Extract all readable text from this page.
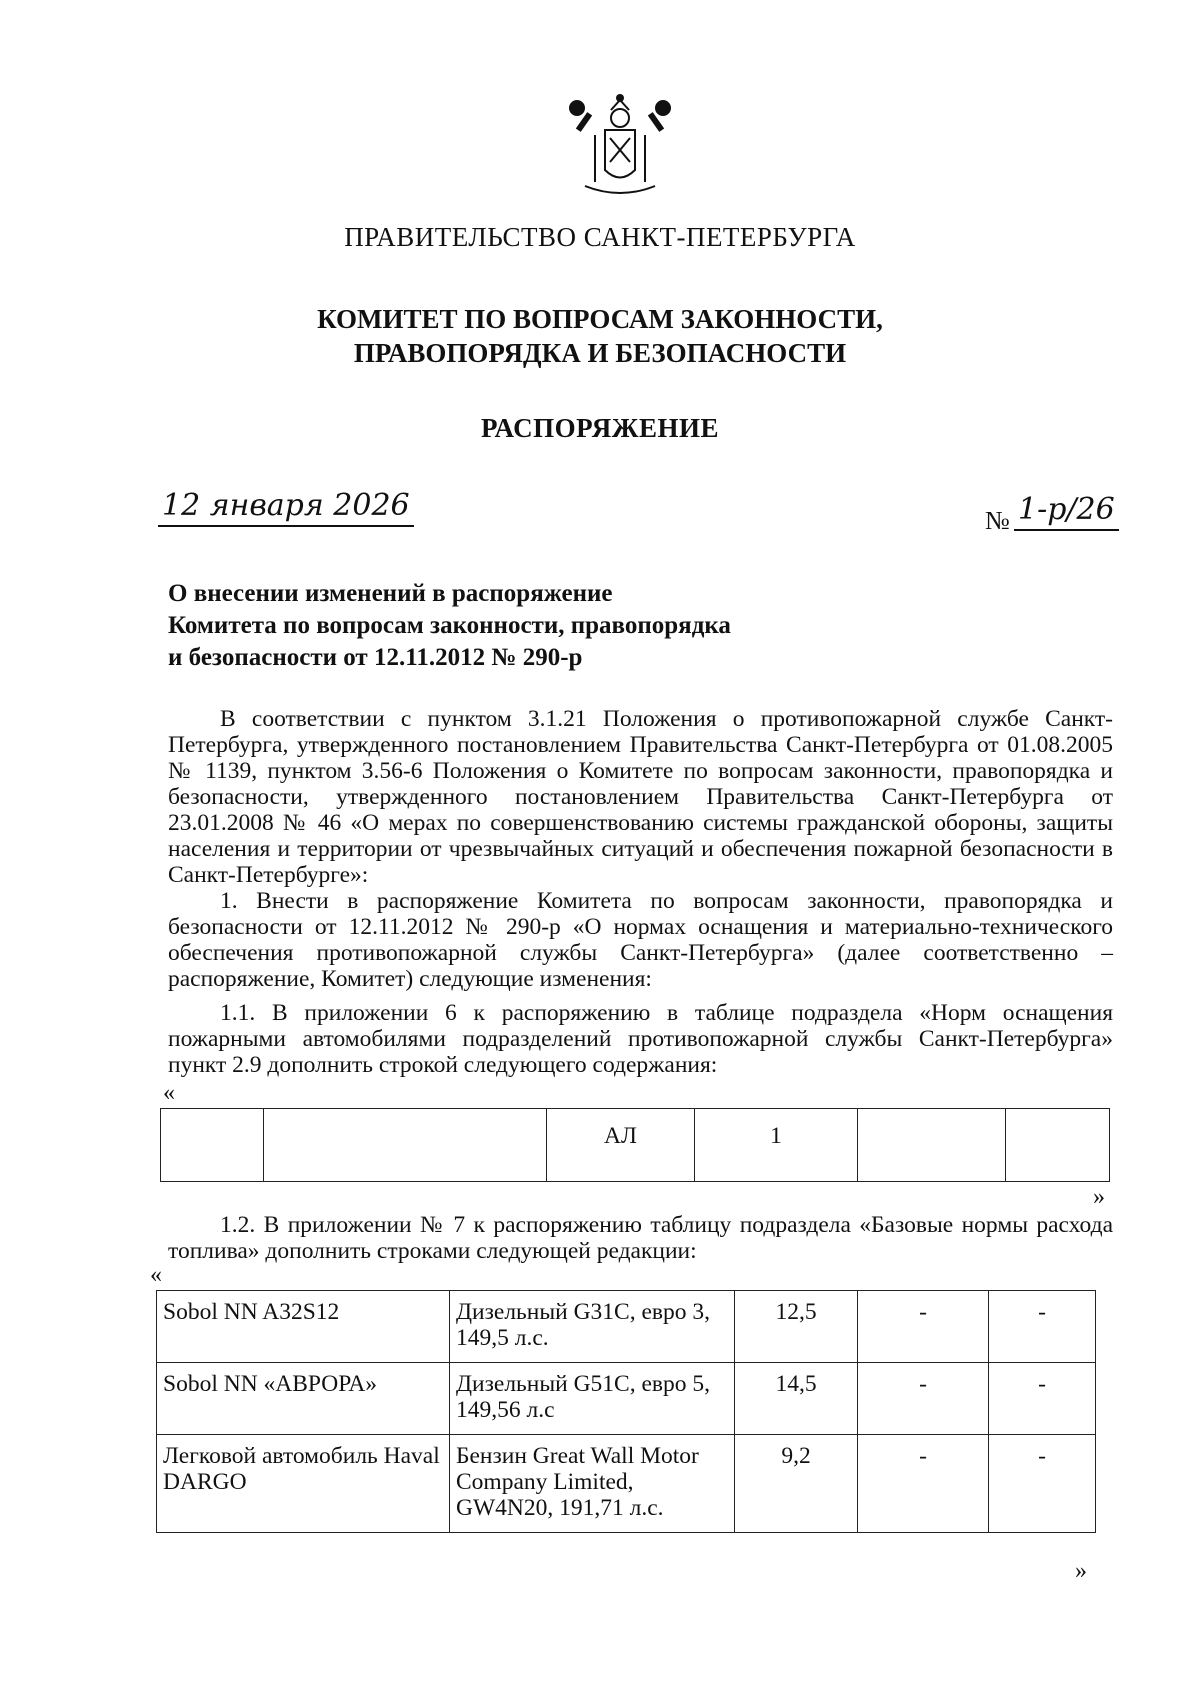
ПРАВИТЕЛЬСТВО САНКТ-ПЕТЕРБУРГА
КОМИТЕТ ПО ВОПРОСАМ ЗАКОННОСТИ,
ПРАВОПОРЯДКА И БЕЗОПАСНОСТИ
РАСПОРЯЖЕНИЕ
12 января 2026	№ 1-р/26
О внесении изменений в распоряжение
Комитета по вопросам законности, правопорядка
и безопасности от 12.11.2012 № 290-р
В соответствии с пунктом 3.1.21 Положения о противопожарной службе Санкт-Петербурга, утвержденного постановлением Правительства Санкт-Петербурга от 01.08.2005 № 1139, пунктом 3.56-6 Положения о Комитете по вопросам законности, правопорядка и безопасности, утвержденного постановлением Правительства Санкт-Петербурга от 23.01.2008 № 46 «О мерах по совершенствованию системы гражданской обороны, защиты населения и территории от чрезвычайных ситуаций и обеспечения пожарной безопасности в Санкт-Петербурге»:
1. Внести в распоряжение Комитета по вопросам законности, правопорядка и безопасности от 12.11.2012 № 290-р «О нормах оснащения и материально-технического обеспечения противопожарной службы Санкт-Петербурга» (далее соответственно – распоряжение, Комитет) следующие изменения:
1.1. В приложении 6 к распоряжению в таблице подраздела «Норм оснащения пожарными автомобилями подразделений противопожарной службы Санкт-Петербурга» пункт 2.9 дополнить строкой следующего содержания:
«
		АЛ	1		
»
1.2. В приложении № 7 к распоряжению таблицу подраздела «Базовые нормы расхода топлива» дополнить строками следующей редакции:
«
Sobol NN A32S12	Дизельный G31C, евро 3, 149,5 л.с.	12,5	-	-
Sobol NN «АВРОРА»	Дизельный G51C, евро 5, 149,56 л.с	14,5	-	-
Легковой автомобиль Haval DARGO	Бензин Great Wall Motor Company Limited, GW4N20, 191,71 л.с.	9,2	-	-
»
